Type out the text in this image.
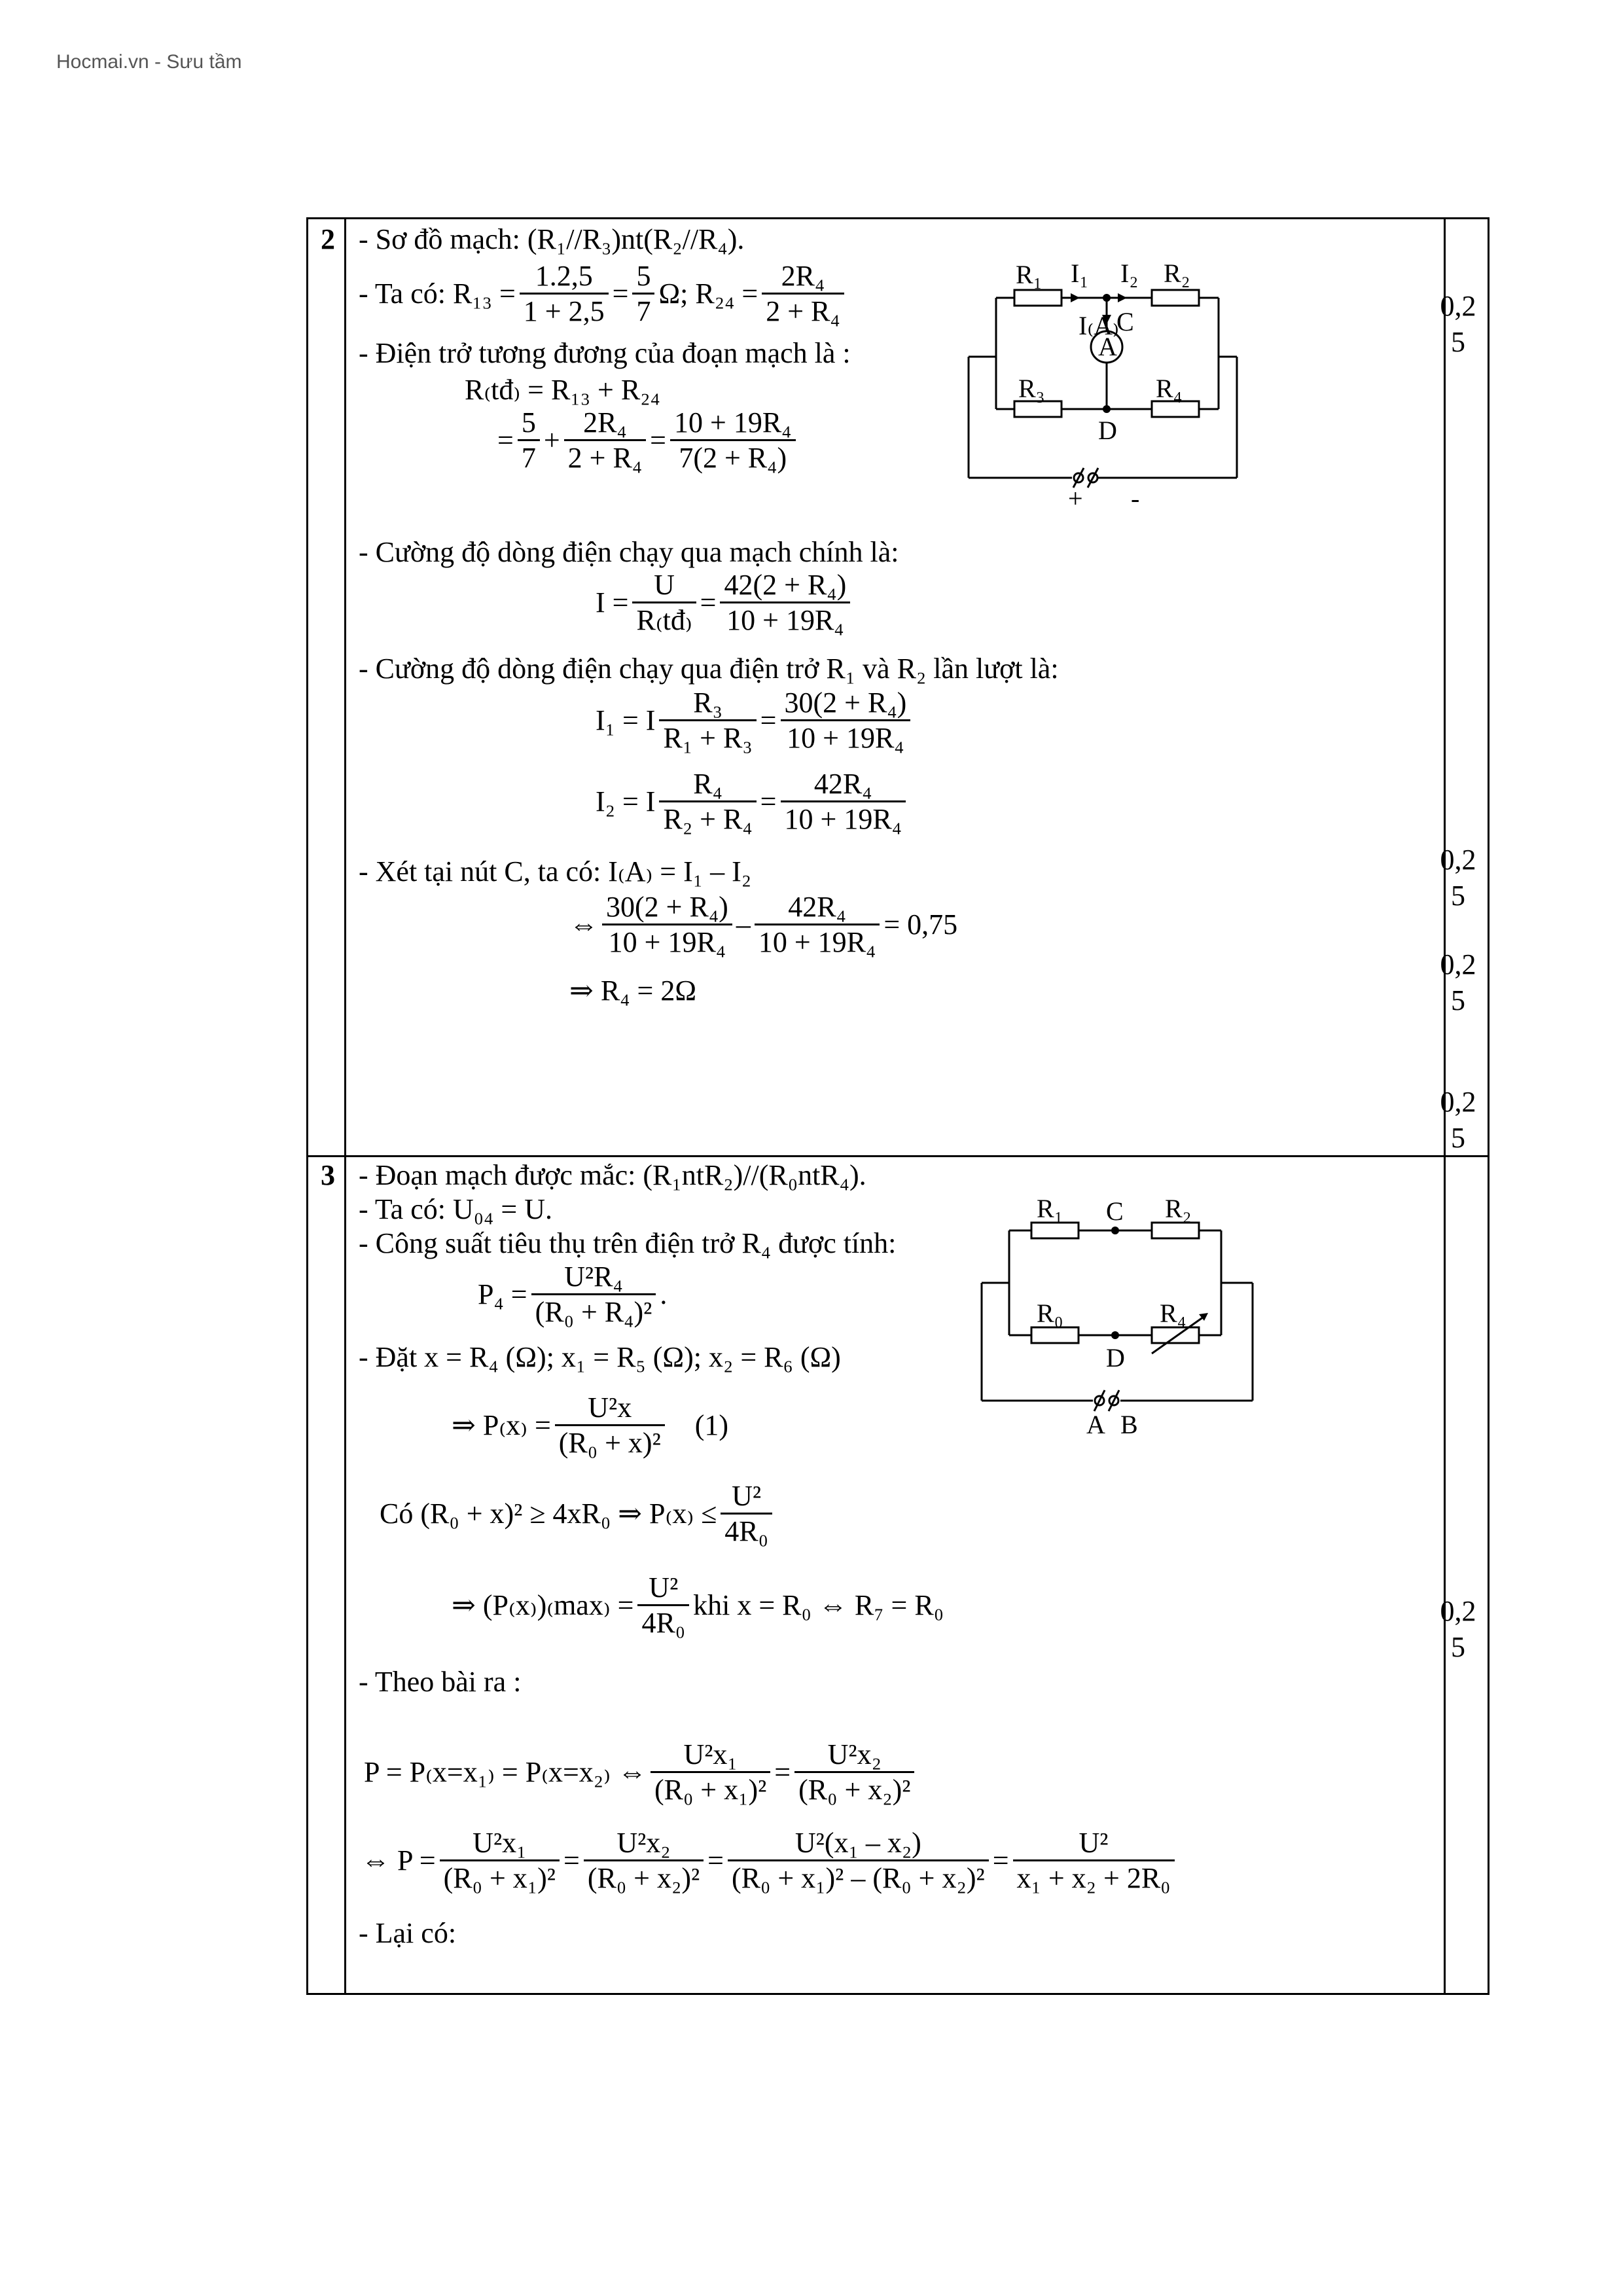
Hocmai.vn - Sưu tầm
2 - Sơ đồ mạch: (R₁//R₃)nt(R₂//R₄).
- Ta có: $R_{13} = \frac{1.2,5}{1 + 2,5} = \frac{5}{7} \Omega$; $R_{24} = \frac{\text{2R₄}}{\text{2 + R₄}}$
- Điện trở tương đương của đoạn mạch là :
R₍tđ₎ = R₁₃ + R₂₄
= $\frac{5}{7} + \frac{\text{2R₄}}{\text{2 + R₄}} = \frac{\text{10 + 19R₄}}{\text{7(2 + R₄)}}$
- Cường độ dòng điện chạy qua mạch chính là:
$I = \frac{U}{R_(tđ_)} = \frac{\text{42(2 + R₄)}}{\text{10 + 19R₄}}$
- Cường độ dòng điện chạy qua điện trở R₁ và R₂ lần lượt là:
I₁ = I $\frac{\text{R₃}}{\text{R₁ + R₃}} = \frac{\text{30(2 + R₄)}}{\text{10 + 19R₄}}$
I₂ = I $\frac{\text{R₄}}{\text{R₂ + R₄}} = \frac{\text{42R₄}}{\text{10 + 19R₄}}$
- Xét tại nút C, ta có: I₍A₎ = I₁ – I₂
⇔ $\frac{\text{30(2 + R₄)}}{\text{10 + 19R₄}} - \frac{\text{42R₄}}{\text{10 + 19R₄}} = 0,75$
⇒ R₄ = 2Ω
R₁ I₁ I₂ R₂
I₍A₎
C
A
R₃	R₄
D
+ -
3 - Đoạn mạch được mắc: (R₁ntR₂)//(R₀ntR₄).
- Ta có: U₀₄ = U.
- Công suất tiêu thụ trên điện trở R₄ được tính:
$P_4 = \frac{\text{U²R₄}}{\text{(R₀ + R₄)²}}$ .
- Đặt x = R₄ (Ω); x₁ = R₅ (Ω); x₂ = R₆ (Ω)
⇒ $P_(x_) = \frac{\text{U²x}}{\text{(R₀ + x)²}} (1)$
Có (R₀ + x)² ≥ 4xR₀ ⇒ $P_(x_) \le \frac{\text{U²}}{\text{4R₀}}$
⇒ $(P_(x_))_(\max_) = \frac{\text{U²}}{\text{4R₀}}$ khi x = R₀ ⇔ R₇ = R₀
- Theo bài ra :
P = P₍x=x₁₎ = P₍x=x₂₎ ⇔ $\frac{\text{U²x₁}}{\text{(R₀ + x₁)²}} = \frac{\text{U²x₂}}{\text{(R₀ + x₂)²}}$
⇔ $P = \frac{\text{U²x₁}}{\text{(R₀ + x₁)²}} = \frac{\text{U²x₂}}{\text{(R₀ + x₂)²}} = \frac{\text{U²(x₁ – x₂)}}{\text{(R₀ + x₁)² – (R₀ + x₂)²}} = \frac{\text{U²}}{\text{x₁ + x₂ + 2R₀}}$
- Lại có:
R₁ C R₂
R₀	R₄
D
A B
0,2
5
0,2
5
0,2
5
0,2
5
0,2
5
